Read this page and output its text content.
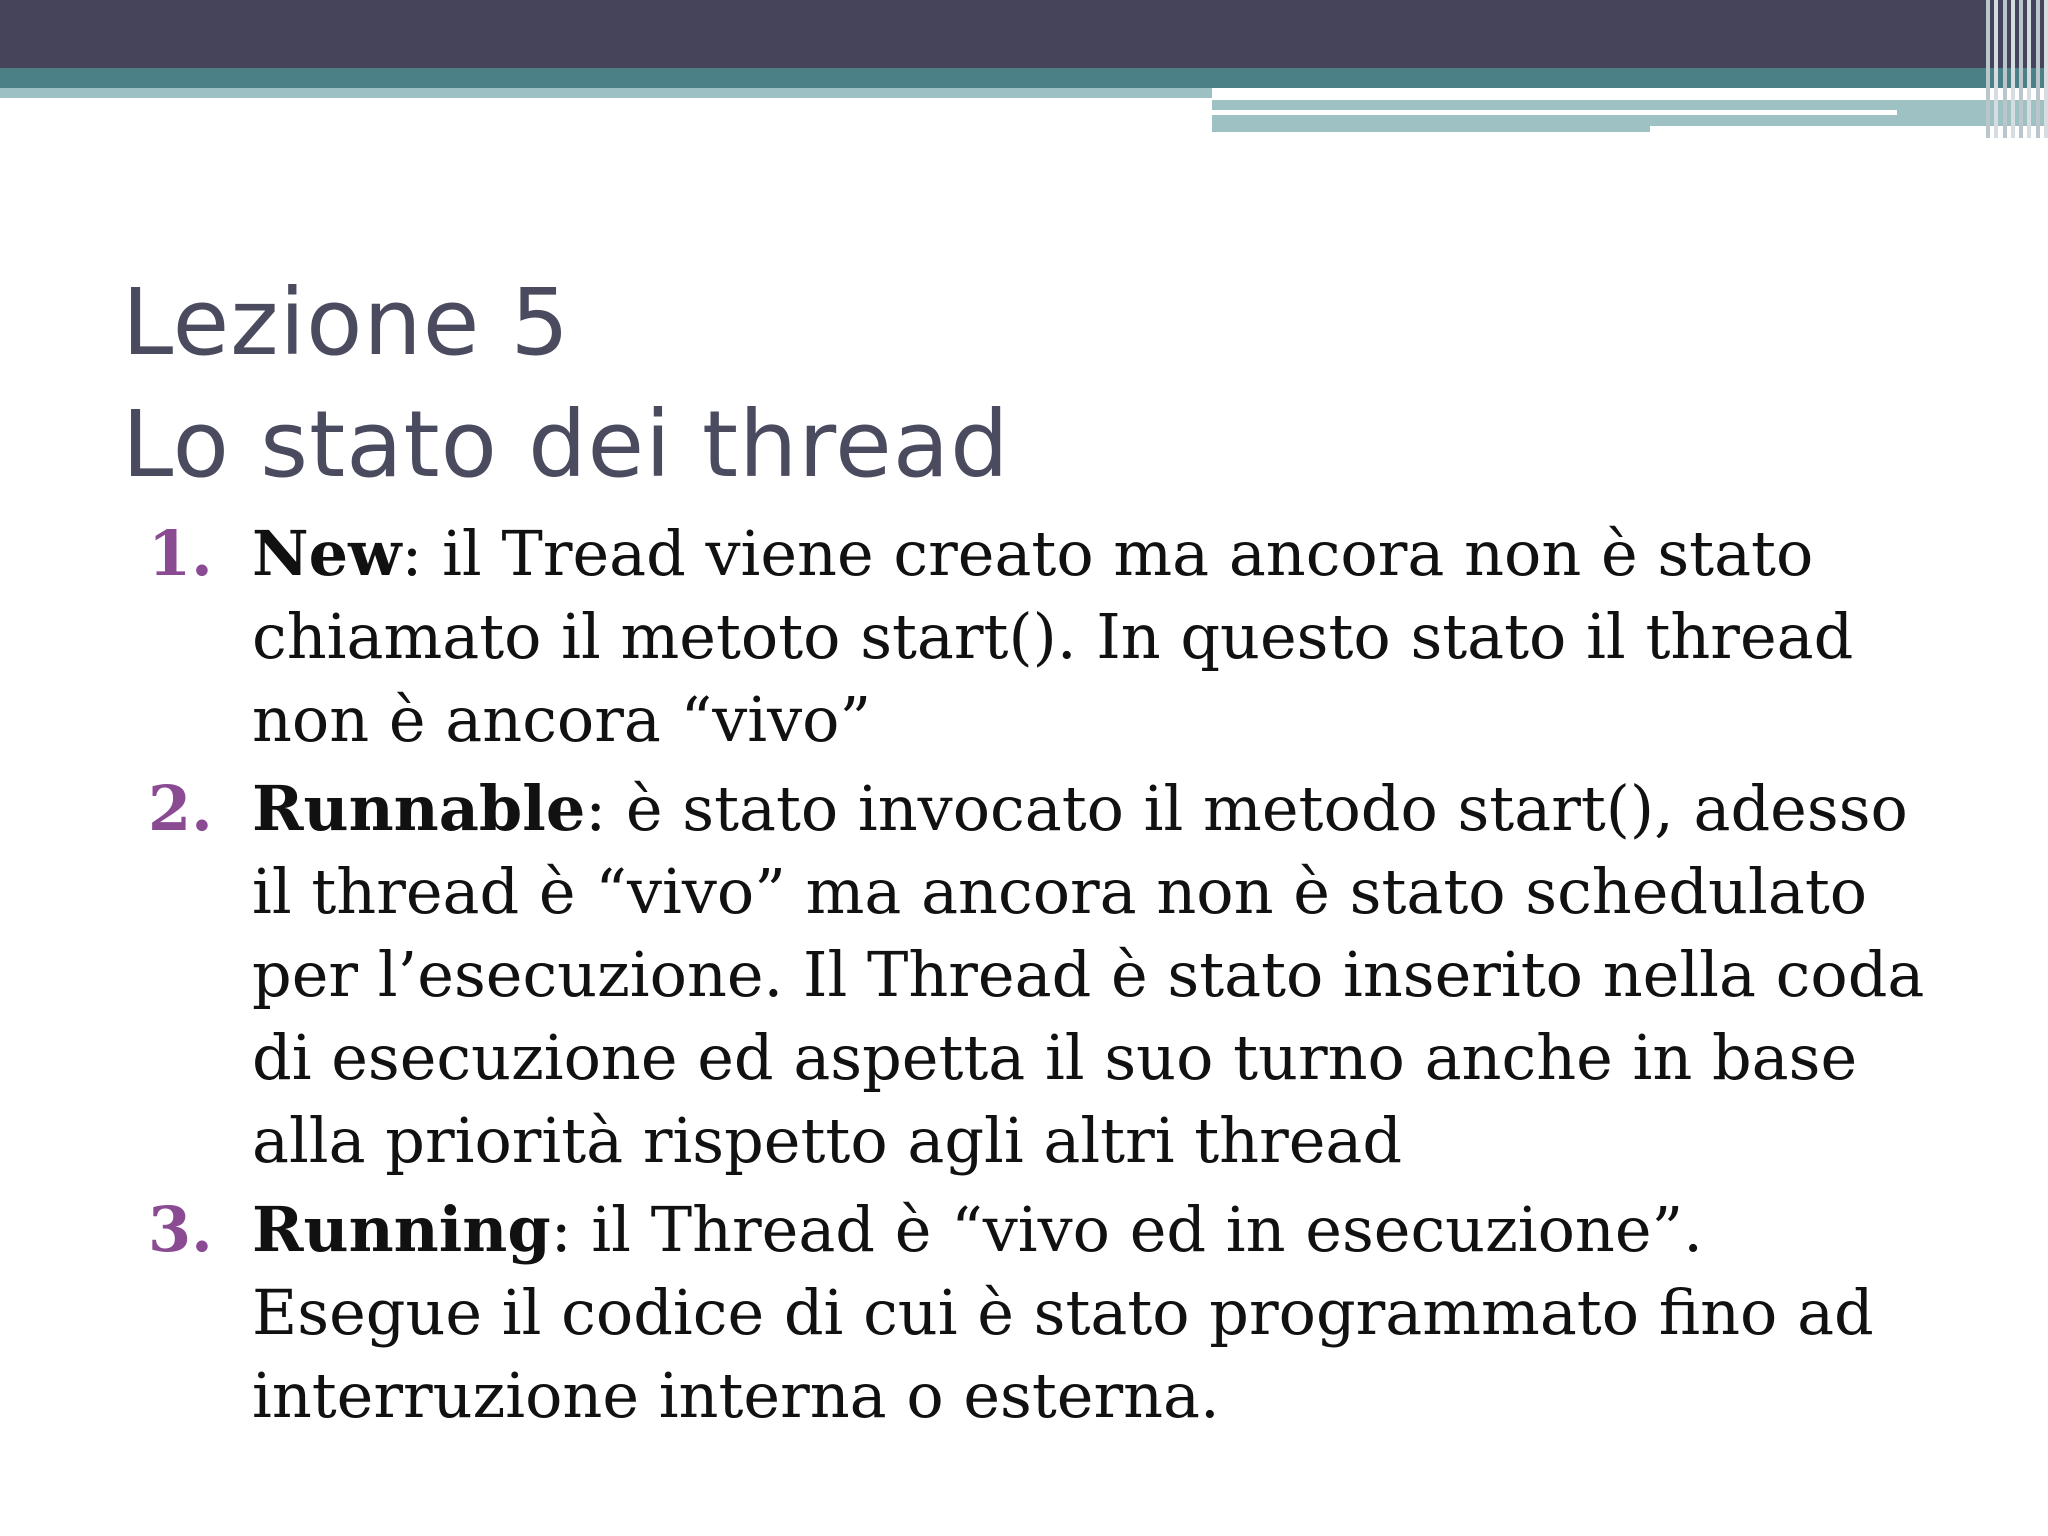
Lezione 5
Lo stato dei thread
1. New: il Tread viene creato ma ancora non è stato chiamato il metoto start(). In questo stato il thread non è ancora “vivo”
2. Runnable: è stato invocato il metodo start(), adesso il thread è “vivo” ma ancora non è stato schedulato per l’esecuzione. Il Thread è stato inserito nella coda di esecuzione ed aspetta il suo turno anche in base alla priorità rispetto agli altri thread
3. Running: il Thread è “vivo ed in esecuzione”. Esegue il codice di cui è stato programmato fino ad interruzione interna o esterna.
